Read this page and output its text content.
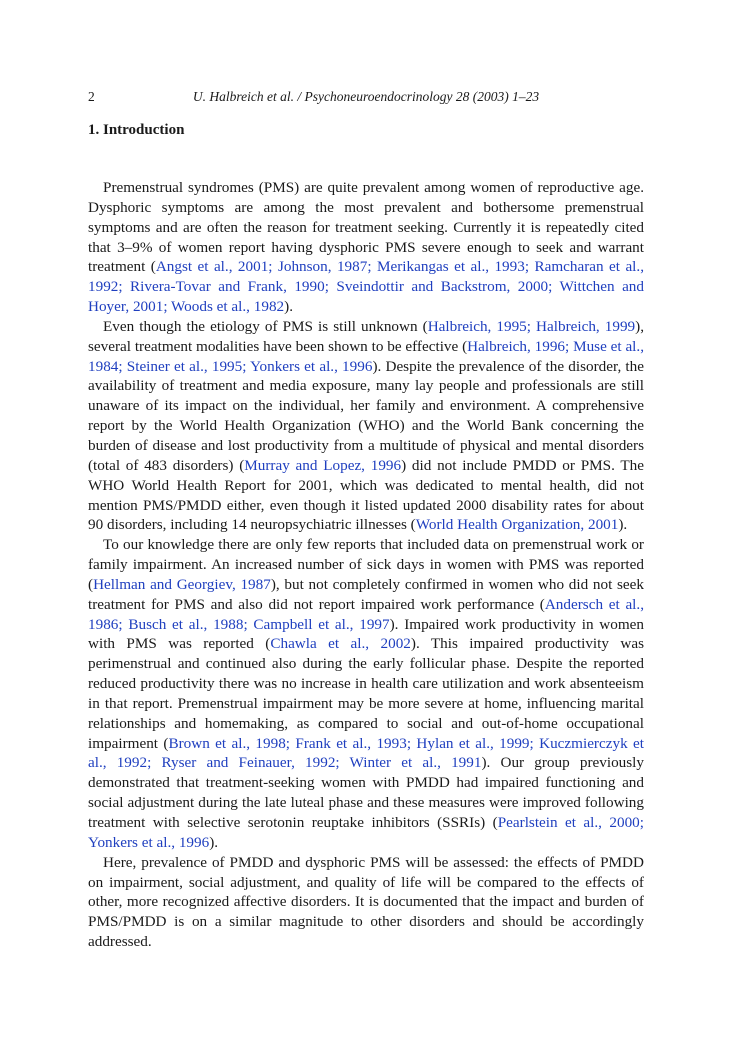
2	U. Halbreich et al. / Psychoneuroendocrinology 28 (2003) 1–23
1. Introduction

Premenstrual syndromes (PMS) are quite prevalent among women of reproductive age. Dysphoric symptoms are among the most prevalent and bothersome premenstrual symptoms and are often the reason for treatment seeking. Currently it is repeatedly cited that 3–9% of women report having dysphoric PMS severe enough to seek and warrant treatment (Angst et al., 2001; Johnson, 1987; Merikangas et al., 1993; Ramcharan et al., 1992; Rivera-Tovar and Frank, 1990; Sveindottir and Backstrom, 2000; Wittchen and Hoyer, 2001; Woods et al., 1982).

Even though the etiology of PMS is still unknown (Halbreich, 1995; Halbreich, 1999), several treatment modalities have been shown to be effective (Halbreich, 1996; Muse et al., 1984; Steiner et al., 1995; Yonkers et al., 1996). Despite the prevalence of the disorder, the availability of treatment and media exposure, many lay people and professionals are still unaware of its impact on the individual, her family and environment. A comprehensive report by the World Health Organization (WHO) and the World Bank concerning the burden of disease and lost productivity from a multitude of physical and mental disorders (total of 483 disorders) (Murray and Lopez, 1996) did not include PMDD or PMS. The WHO World Health Report for 2001, which was dedicated to mental health, did not mention PMS/PMDD either, even though it listed updated 2000 disability rates for about 90 disorders, including 14 neuropsychiatric illnesses (World Health Organization, 2001).

To our knowledge there are only few reports that included data on premenstrual work or family impairment. An increased number of sick days in women with PMS was reported (Hellman and Georgiev, 1987), but not completely confirmed in women who did not seek treatment for PMS and also did not report impaired work performance (Andersch et al., 1986; Busch et al., 1988; Campbell et al., 1997). Impaired work productivity in women with PMS was reported (Chawla et al., 2002). This impaired productivity was perimenstrual and continued also during the early follicular phase. Despite the reported reduced productivity there was no increase in health care utilization and work absenteeism in that report. Premenstrual impairment may be more severe at home, influencing marital relationships and homemaking, as compared to social and out-of-home occupational impairment (Brown et al., 1998; Frank et al., 1993; Hylan et al., 1999; Kuczmierczyk et al., 1992; Ryser and Feinauer, 1992; Winter et al., 1991). Our group previously demonstrated that treatment-seeking women with PMDD had impaired functioning and social adjustment during the late luteal phase and these measures were improved following treatment with selective serotonin reuptake inhibitors (SSRIs) (Pearlstein et al., 2000; Yonkers et al., 1996).

Here, prevalence of PMDD and dysphoric PMS will be assessed: the effects of PMDD on impairment, social adjustment, and quality of life will be compared to the effects of other, more recognized affective disorders. It is documented that the impact and burden of PMS/PMDD is on a similar magnitude to other disorders and should be accordingly addressed.
